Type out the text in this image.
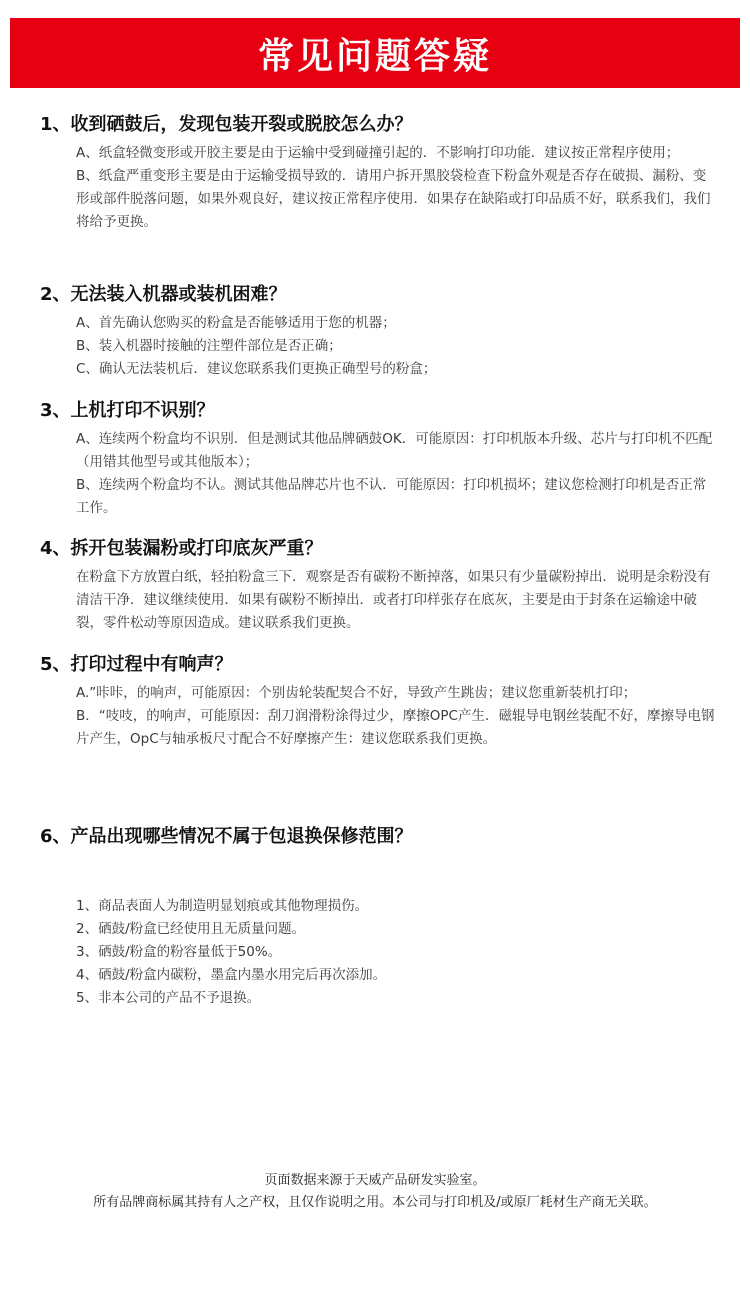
常见问题答疑
1、收到硒鼓后，发现包装开裂或脱胶怎么办？

A、纸盒轻微变形或开胶主要是由于运输中受到碰撞引起的．不影响打印功能．建议按正常程序使用；

B、纸盒严重变形主要是由于运输受损导致的．请用户拆开黑胶袋检查下粉盒外观是否存在破损、漏粉、变形或部件脱落问题，如果外观良好，建议按正常程序使用．如果存在缺陷或打印品质不好，联系我们，我们将给予更换。

2、无法装入机器或装机困难？

A、首先确认您购买的粉盒是否能够适用于您的机器；

B、装入机器时接触的注塑件部位是否正确；

C、确认无法装机后．建议您联系我们更换正确型号的粉盒；

3、上机打印不识别？

A、连续两个粉盒均不识别．但是测试其他品牌硒鼓OK．可能原因：打印机版本升级、芯片与打印机不匹配（用错其他型号或其他版本）；

B、连续两个粉盒均不认。测试其他品牌芯片也不认．可能原因：打印机损坏；建议您检测打印机是否正常工作。

4、拆开包装漏粉或打印底灰严重？

在粉盒下方放置白纸，轻拍粉盒三下．观察是否有碳粉不断掉落，如果只有少量碳粉掉出．说明是余粉没有清洁干净．建议继续使用．如果有碳粉不断掉出．或者打印样张存在底灰，主要是由于封条在运输途中破裂，零件松动等原因造成。建议联系我们更换。

5、打印过程中有响声？

A.”咔咔，的响声，可能原因：个别齿轮装配契合不好，导致产生跳齿；建议您重新装机打印；

B．“吱吱，的响声，可能原因：刮刀润滑粉涂得过少，摩擦OPC产生．磁辊导电钢丝装配不好，摩擦导电钢片产生，OpC与轴承板尺寸配合不好摩擦产生：建议您联系我们更换。

6、产品出现哪些情况不属于包退换保修范围？

1、商品表面人为制造明显划痕或其他物理损伤。

2、硒鼓/粉盒已经使用且无质量问题。

3、硒鼓/粉盒的粉容量低于50%。

4、硒鼓/粉盒内碳粉，墨盒内墨水用完后再次添加。

5、非本公司的产品不予退换。

页面数据来源于天威产品研发实验室。

所有品牌商标属其持有人之产权，且仅作说明之用。本公司与打印机及/或原厂耗材生产商无关联。
